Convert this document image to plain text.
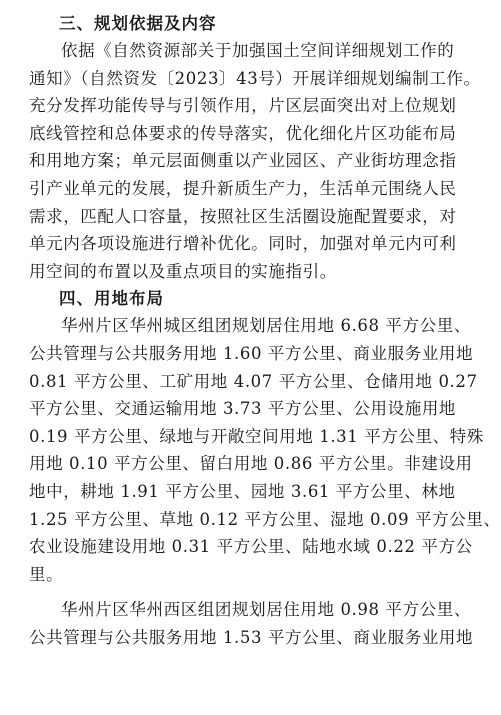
三、规划依据及内容
依据《自然资源部关于加强国土空间详细规划工作的
通知》（自然资发〔2023〕43号）开展详细规划编制工作。
充分发挥功能传导与引领作用，片区层面突出对上位规划
底线管控和总体要求的传导落实，优化细化片区功能布局
和用地方案；单元层面侧重以产业园区、产业街坊理念指
引产业单元的发展，提升新质生产力，生活单元围绕人民
需求，匹配人口容量，按照社区生活圈设施配置要求，对
单元内各项设施进行增补优化。同时，加强对单元内可利
用空间的布置以及重点项目的实施指引。
四、用地布局
华州片区华州城区组团规划居住用地 6.68 平方公里、
公共管理与公共服务用地 1.60 平方公里、商业服务业用地
0.81 平方公里、工矿用地 4.07 平方公里、仓储用地 0.27
平方公里、交通运输用地 3.73 平方公里、公用设施用地
0.19 平方公里、绿地与开敞空间用地 1.31 平方公里、特殊
用地 0.10 平方公里、留白用地 0.86 平方公里。非建设用
地中，耕地 1.91 平方公里、园地 3.61 平方公里、林地
1.25 平方公里、草地 0.12 平方公里、湿地 0.09 平方公里、
农业设施建设用地 0.31 平方公里、陆地水域 0.22 平方公
里。
华州片区华州西区组团规划居住用地 0.98 平方公里、
公共管理与公共服务用地 1.53 平方公里、商业服务业用地
